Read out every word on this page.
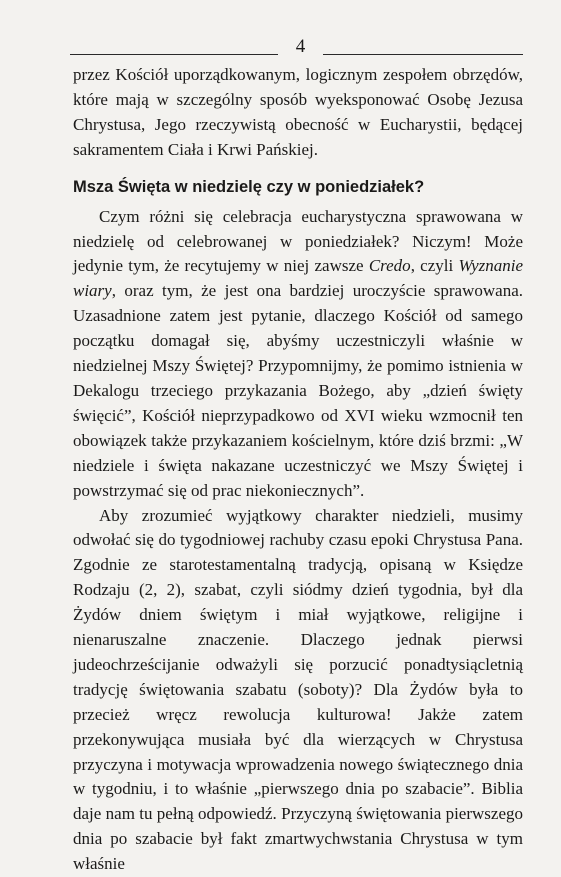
4

przez Kościół uporządkowanym, logicznym zespołem obrzędów, które mają w szczególny sposób wyeksponować Osobę Jezusa Chrystusa, Jego rzeczywistą obecność w Eucharystii, będącej sakramentem Ciała i Krwi Pańskiej.

Msza Święta w niedzielę czy w poniedziałek?

Czym różni się celebracja eucharystyczna sprawowana w niedzielę od celebrowanej w poniedziałek? Niczym! Może jedynie tym, że recytujemy w niej zawsze Credo, czyli Wyznanie wiary, oraz tym, że jest ona bardziej uroczyście sprawowana. Uzasadnione zatem jest pytanie, dlaczego Kościół od samego początku domagał się, abyśmy uczestniczyli właśnie w niedzielnej Mszy Świętej? Przypomnijmy, że pomimo istnienia w Dekalogu trzeciego przykazania Bożego, aby „dzień święty święcić”, Kościół nieprzypadkowo od XVI wieku wzmocnił ten obowiązek także przykazaniem kościelnym, które dziś brzmi: „W niedziele i święta nakazane uczestniczyć we Mszy Świętej i powstrzymać się od prac niekoniecznych”.

Aby zrozumieć wyjątkowy charakter niedzieli, musimy odwołać się do tygodniowej rachuby czasu epoki Chrystusa Pana. Zgodnie ze starotestamentalną tradycją, opisaną w Księdze Rodzaju (2, 2), szabat, czyli siódmy dzień tygodnia, był dla Żydów dniem świętym i miał wyjątkowe, religijne i nienaruszalne znaczenie. Dlaczego jednak pierwsi judeochrześcijanie odważyli się porzucić ponadtysiącletnią tradycję świętowania szabatu (soboty)? Dla Żydów była to przecież wręcz rewolucja kulturowa! Jakże zatem przekonywująca musiała być dla wierzących w Chrystusa przyczyna i motywacja wprowadzenia nowego świątecznego dnia w tygodniu, i to właśnie „pierwszego dnia po szabacie”. Biblia daje nam tu pełną odpowiedź. Przyczyną świętowania pierwszego dnia po szabacie był fakt zmartwychwstania Chrystusa w tym właśnie
